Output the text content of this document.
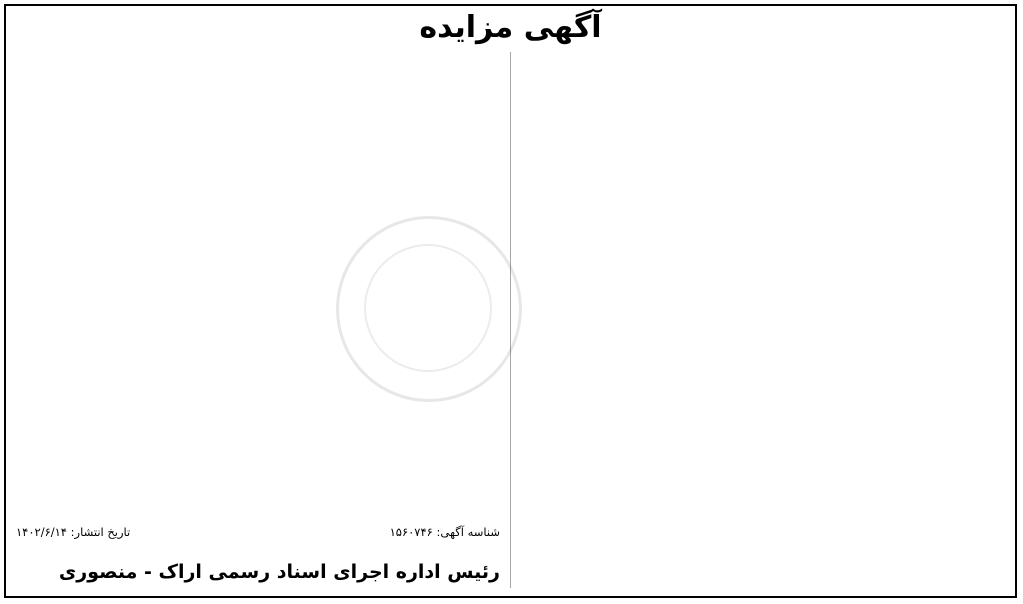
آگهی مزایده
شناسه آگهی: ۱۵۶۰۷۴۶
تاریخ انتشار: ۱۴۰۲/۶/۱۴
رئیس اداره اجرای اسناد رسمی اراک - منصوری
